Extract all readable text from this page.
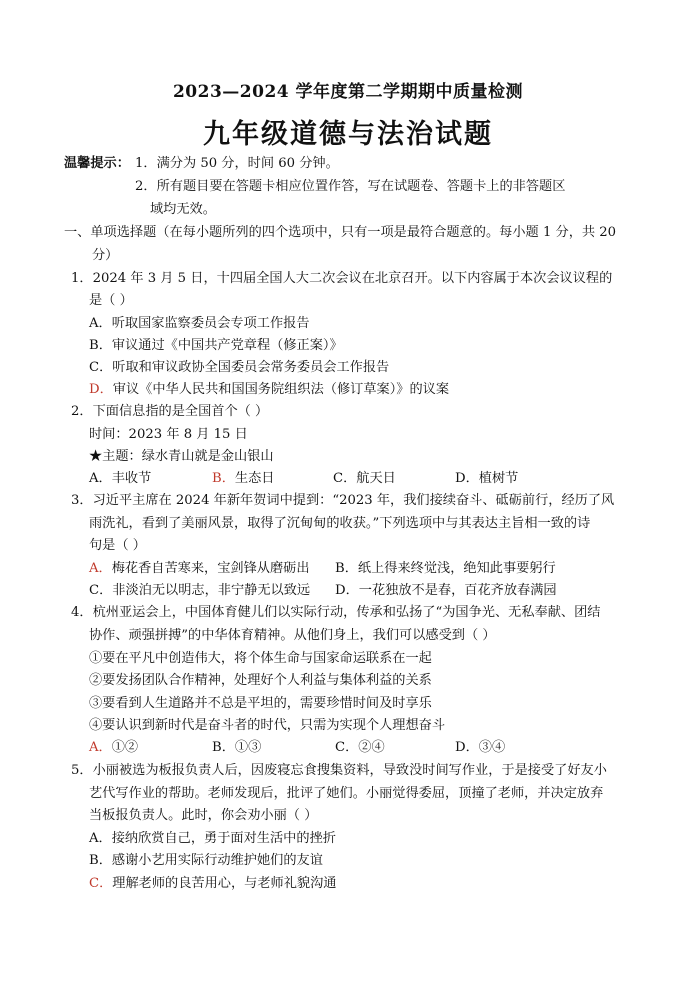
2023—2024 学年度第二学期期中质量检测
九年级道德与法治试题
温馨提示： 1．满分为 50 分，时间 60 分钟。
2．所有题目要在答题卡相应位置作答，写在试题卷、答题卡上的非答题区
域均无效。
一、单项选择题（在每小题所列的四个选项中，只有一项是最符合题意的。每小题 1 分，共 20
分）
1．2024 年 3 月 5 日，十四届全国人大二次会议在北京召开。以下内容属于本次会议议程的
是（ ）
A．听取国家监察委员会专项工作报告
B．审议通过《中国共产党章程（修正案）》
C．听取和审议政协全国委员会常务委员会工作报告
D．审议《中华人民共和国国务院组织法（修订草案）》的议案
2．下面信息指的是全国首个（ ）
时间：2023 年 8 月 15 日
★主题：绿水青山就是金山银山
A．丰收节	B．生态日	C．航天日	D．植树节
3．习近平主席在 2024 年新年贺词中提到：“2023 年，我们接续奋斗、砥砺前行，经历了风
雨洗礼，看到了美丽风景，取得了沉甸甸的收获。”下列选项中与其表达主旨相一致的诗
句是（ ）
A．梅花香自苦寒来，宝剑锋从磨砺出 B．纸上得来终觉浅，绝知此事要躬行
C．非淡泊无以明志，非宁静无以致远 D．一花独放不是春，百花齐放春满园
4．杭州亚运会上，中国体育健儿们以实际行动，传承和弘扬了“为国争光、无私奉献、团结
协作、顽强拼搏”的中华体育精神。从他们身上，我们可以感受到（ ）
①要在平凡中创造伟大，将个体生命与国家命运联系在一起
②要发扬团队合作精神，处理好个人利益与集体利益的关系
③要看到人生道路并不总是平坦的，需要珍惜时间及时享乐
④要认识到新时代是奋斗者的时代，只需为实现个人理想奋斗
A．①②	B．①③	C．②④	D．③④
5．小丽被选为板报负责人后，因废寝忘食搜集资料，导致没时间写作业，于是接受了好友小
艺代写作业的帮助。老师发现后，批评了她们。小丽觉得委屈，顶撞了老师，并决定放弃
当板报负责人。此时，你会劝小丽（ ）
A．接纳欣赏自己，勇于面对生活中的挫折
B．感谢小艺用实际行动维护她们的友谊
C．理解老师的良苦用心，与老师礼貌沟通
